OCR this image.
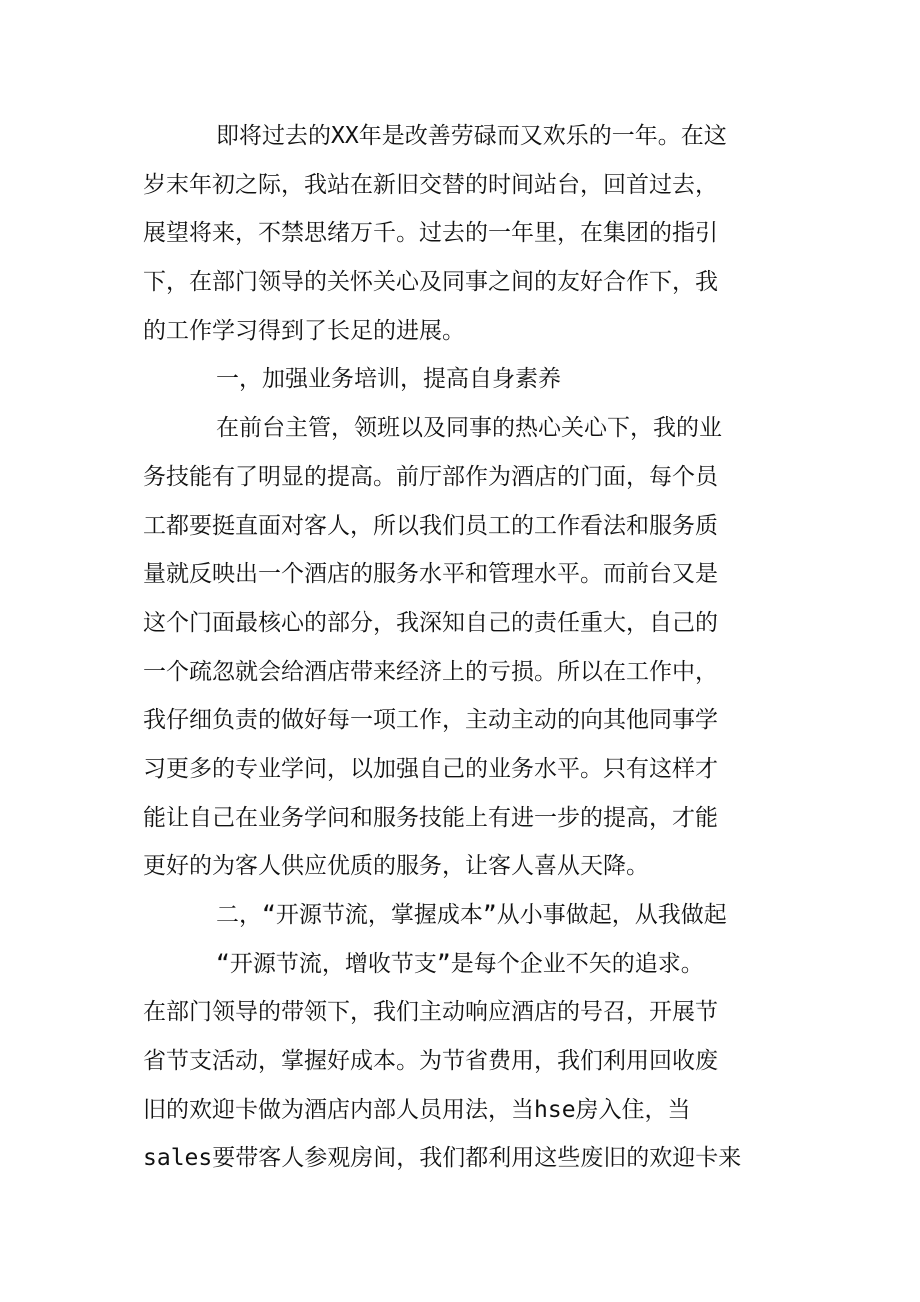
即将过去的XX年是改善劳碌而又欢乐的一年。在这
岁末年初之际，我站在新旧交替的时间站台，回首过去，
展望将来，不禁思绪万千。过去的一年里，在集团的指引
下，在部门领导的关怀关心及同事之间的友好合作下，我
的工作学习得到了长足的进展。
一，加强业务培训，提高自身素养
在前台主管，领班以及同事的热心关心下，我的业
务技能有了明显的提高。前厅部作为酒店的门面，每个员
工都要挺直面对客人，所以我们员工的工作看法和服务质
量就反映出一个酒店的服务水平和管理水平。而前台又是
这个门面最核心的部分，我深知自己的责任重大，自己的
一个疏忽就会给酒店带来经济上的亏损。所以在工作中，
我仔细负责的做好每一项工作，主动主动的向其他同事学
习更多的专业学问，以加强自己的业务水平。只有这样才
能让自己在业务学问和服务技能上有进一步的提高，才能
更好的为客人供应优质的服务，让客人喜从天降。
二，“开源节流，掌握成本”从小事做起，从我做起
“开源节流，增收节支”是每个企业不矢的追求。
在部门领导的带领下，我们主动响应酒店的号召，开展节
省节支活动，掌握好成本。为节省费用，我们利用回收废
旧的欢迎卡做为酒店内部人员用法，当hse房入住，当
sales要带客人参观房间，我们都利用这些废旧的欢迎卡来
